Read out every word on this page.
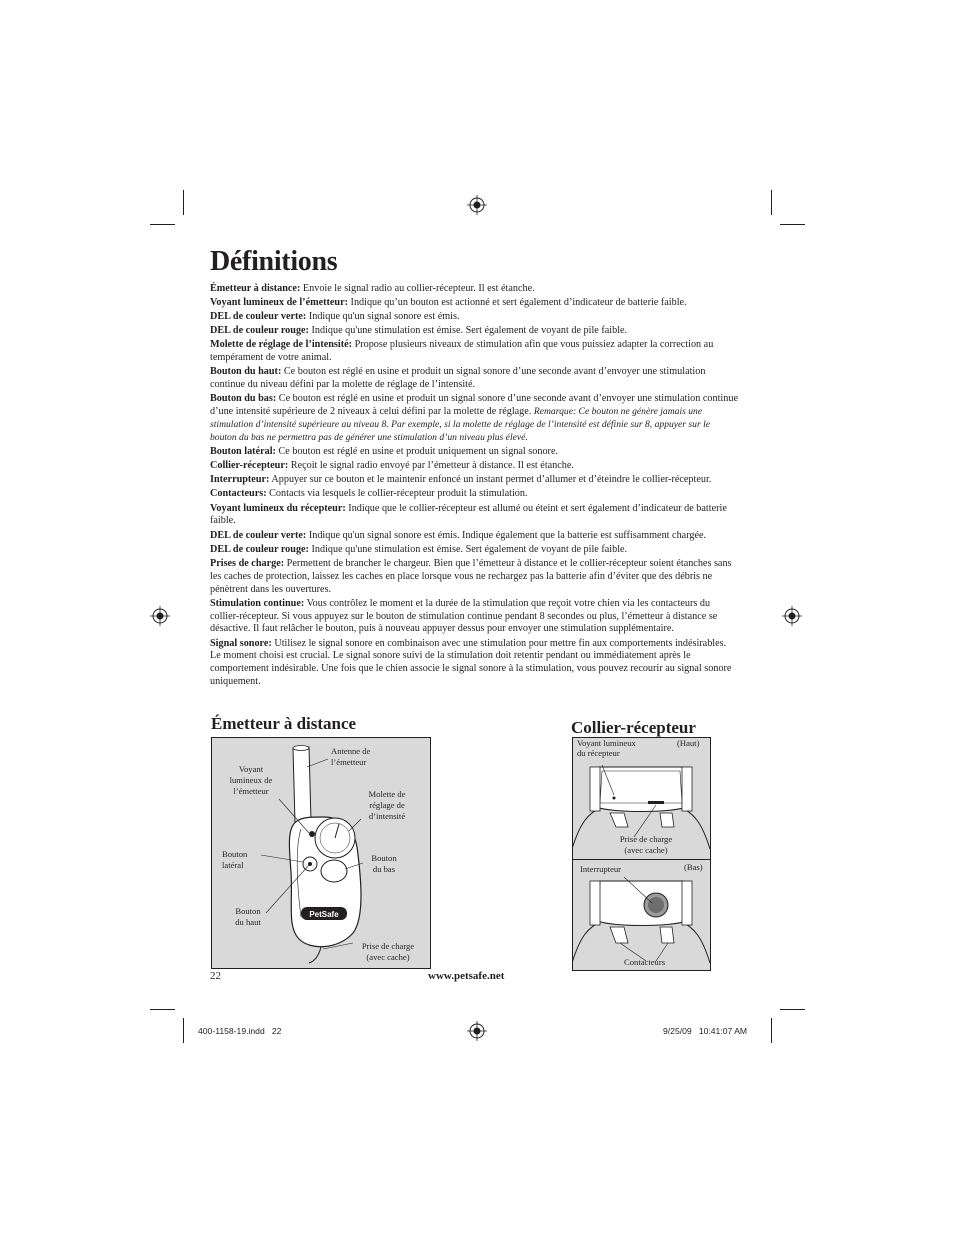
Définitions

Émetteur à distance: Envoie le signal radio au collier-récepteur. Il est étanche.

Voyant lumineux de l’émetteur: Indique qu’un bouton est actionné et sert également d’indicateur de batterie faible.

DEL de couleur verte: Indique qu'un signal sonore est émis.

DEL de couleur rouge: Indique qu'une stimulation est émise. Sert également de voyant de pile faible.

Molette de réglage de l’intensité: Propose plusieurs niveaux de stimulation afin que vous puissiez adapter la correction au tempérament de votre animal.

Bouton du haut: Ce bouton est réglé en usine et produit un signal sonore d’une seconde avant d’envoyer une stimulation continue du niveau défini par la molette de réglage de l’intensité.

Bouton du bas: Ce bouton est réglé en usine et produit un signal sonore d’une seconde avant d’envoyer une stimulation continue d’une intensité supérieure de 2 niveaux à celui défini par la molette de réglage. Remarque: Ce bouton ne génère jamais une stimulation d’intensité supérieure au niveau 8. Par exemple, si la molette de réglage de l’intensité est définie sur 8, appuyer sur le bouton du bas ne permettra pas de générer une stimulation d’un niveau plus élevé.

Bouton latéral: Ce bouton est réglé en usine et produit uniquement un signal sonore.

Collier-récepteur: Reçoit le signal radio envoyé par l’émetteur à distance. Il est étanche.

Interrupteur: Appuyer sur ce bouton et le maintenir enfoncé un instant permet d’allumer et d’éteindre le collier-récepteur.

Contacteurs: Contacts via lesquels le collier-récepteur produit la stimulation.

Voyant lumineux du récepteur: Indique que le collier-récepteur est allumé ou éteint et sert également d’indicateur de batterie faible.

DEL de couleur verte: Indique qu'un signal sonore est émis. Indique également que la batterie est suffisamment chargée.

DEL de couleur rouge: Indique qu'une stimulation est émise. Sert également de voyant de pile faible.

Prises de charge: Permettent de brancher le chargeur. Bien que l’émetteur à distance et le collier-récepteur soient étanches sans les caches de protection, laissez les caches en place lorsque vous ne rechargez pas la batterie afin d’éviter que des débris ne pénètrent dans les ouvertures.

Stimulation continue: Vous contrôlez le moment et la durée de la stimulation que reçoit votre chien via les contacteurs du collier-récepteur. Si vous appuyez sur le bouton de stimulation continue pendant 8 secondes ou plus, l’émetteur à distance se désactive. Il faut relâcher le bouton, puis à nouveau appuyer dessus pour envoyer une stimulation supplémentaire.

Signal sonore: Utilisez le signal sonore en combinaison avec une stimulation pour mettre fin aux comportements indésirables. Le moment choisi est crucial. Le signal sonore suivi de la stimulation doit retentir pendant ou immédiatement après le comportement indésirable. Une fois que le chien associe le signal sonore à la stimulation, vous pouvez recourir au signal sonore uniquement.

Émetteur à distance
PetSafe
Antenne de
l’émetteur
Voyant
lumineux de
l’émetteur	Molette de
réglage de
d’intensité
Bouton
latéral
Bouton
du bas
Bouton
du haut
Prise de charge
(avec cache)
Collier-récepteur
Voyant lumineux
du récepteur
(Haut)
Prise de charge
(avec cache)
Interrupteur	(Bas)
Contacteurs
22	www.petsafe.net
400-1158-19.indd   22	9/25/09   10:41:07 AM
